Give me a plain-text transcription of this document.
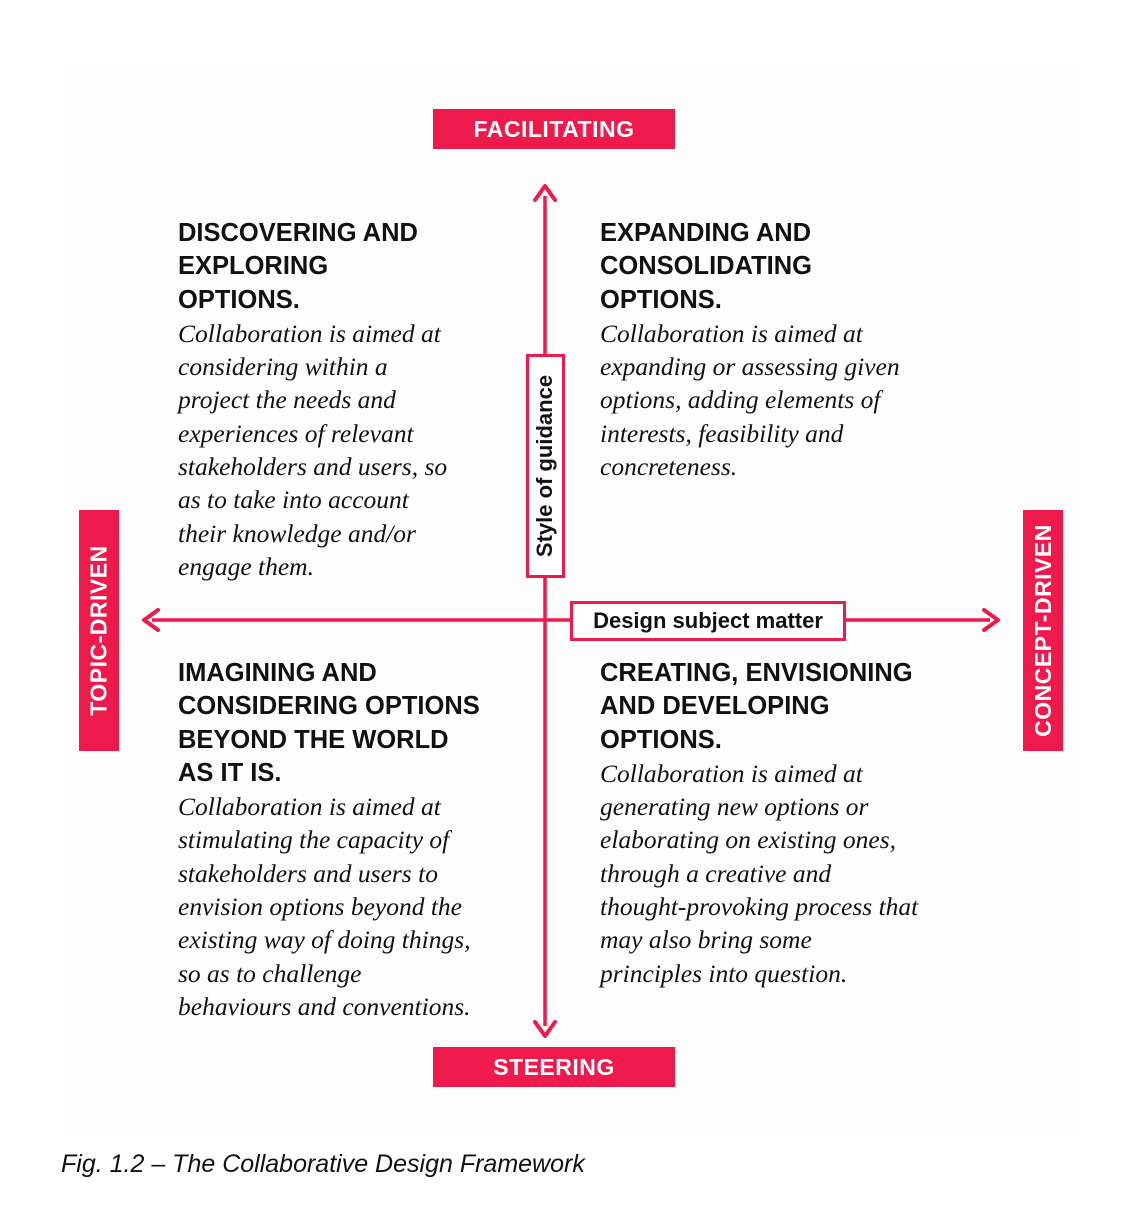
FACILITATING
STEERING
TOPIC-DRIVEN	CONCEPT-DRIVEN
Style of guidance
Design subject matter

DISCOVERING AND
EXPLORING
OPTIONS.

Collaboration is aimed at
considering within a
project the needs and
experiences of relevant
stakeholders and users, so
as to take into account
their knowledge and/or
engage them.

EXPANDING AND
CONSOLIDATING
OPTIONS.

Collaboration is aimed at
expanding or assessing given
options, adding elements of
interests, feasibility and
concreteness.

IMAGINING AND
CONSIDERING OPTIONS
BEYOND THE WORLD
AS IT IS.

Collaboration is aimed at
stimulating the capacity of
stakeholders and users to
envision options beyond the
existing way of doing things,
so as to challenge
behaviours and conventions.

CREATING, ENVISIONING
AND DEVELOPING
OPTIONS.

Collaboration is aimed at
generating new options or
elaborating on existing ones,
through a creative and
thought-provoking process that
may also bring some
principles into question.

Fig. 1.2 – The Collaborative Design Framework
